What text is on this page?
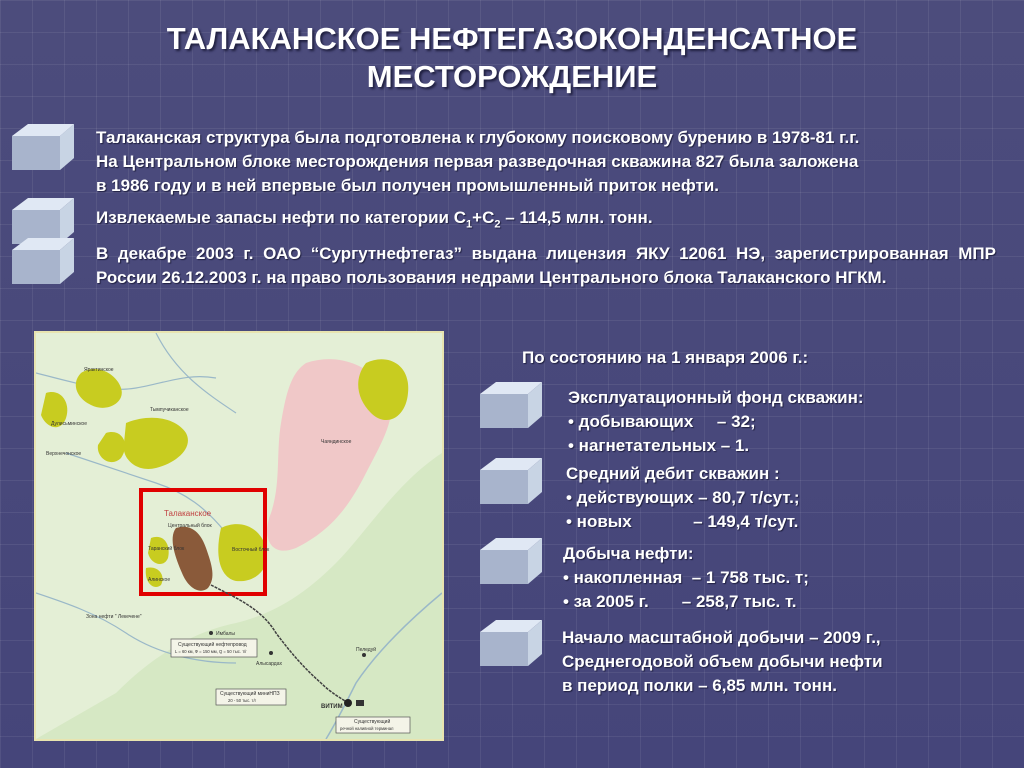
ТАЛАКАНСКОЕ НЕФТЕГАЗОКОНДЕНСАТНОЕ
МЕСТОРОЖДЕНИЕ
Талаканская структура была подготовлена к глубокому поисковому бурению в 1978-81 г.г.
На Центральном блоке месторождения первая разведочная скважина 827 была заложена
в 1986 году и в ней впервые был получен промышленный приток нефти.
Извлекаемые запасы нефти по категории $С_1+С_2 - 114,5$ млн. тонн.
В декабре 2003 г. ОАО “Сургутнефтегаз” выдана лицензия ЯКУ 12061 НЭ, зарегистрированная МПР России 26.12.2003 г. на право пользования недрами Центрального блока Талаканского НГКМ.
Ярактинское
Дулисьминское
Тымпучиканское
Верхнечонское
Чаяндинское
Талаканское
Центральный блок
Восточный блок
Таранский блок
Алинское
Зона нефти " Лекечене"
Имбалы
Алысардах
Пеледуй
ВИТИМ
Существующий нефтепровод
L = 60 км, Ф = 150 мм, Q = 50 тыс. т/г
Существующий миниНПЗ
20 - 50 тыс. т/г
Существующий
речной наливной терминал
По состоянию на 1 января 2006 г.:
Эксплуатационный фонд скважин:
• добывающих     – 32;
• нагнетательных – 1.
Средний дебит скважин :
• действующих – 80,7 т/сут.;
• новых             – 149,4 т/сут.
Добыча нефти:
• накопленная  – 1 758 тыс. т;
• за 2005 г.       – 258,7 тыс. т.
Начало масштабной добычи – 2009 г.,
Среднегодовой объем добычи нефти
в период полки – 6,85 млн. тонн.
